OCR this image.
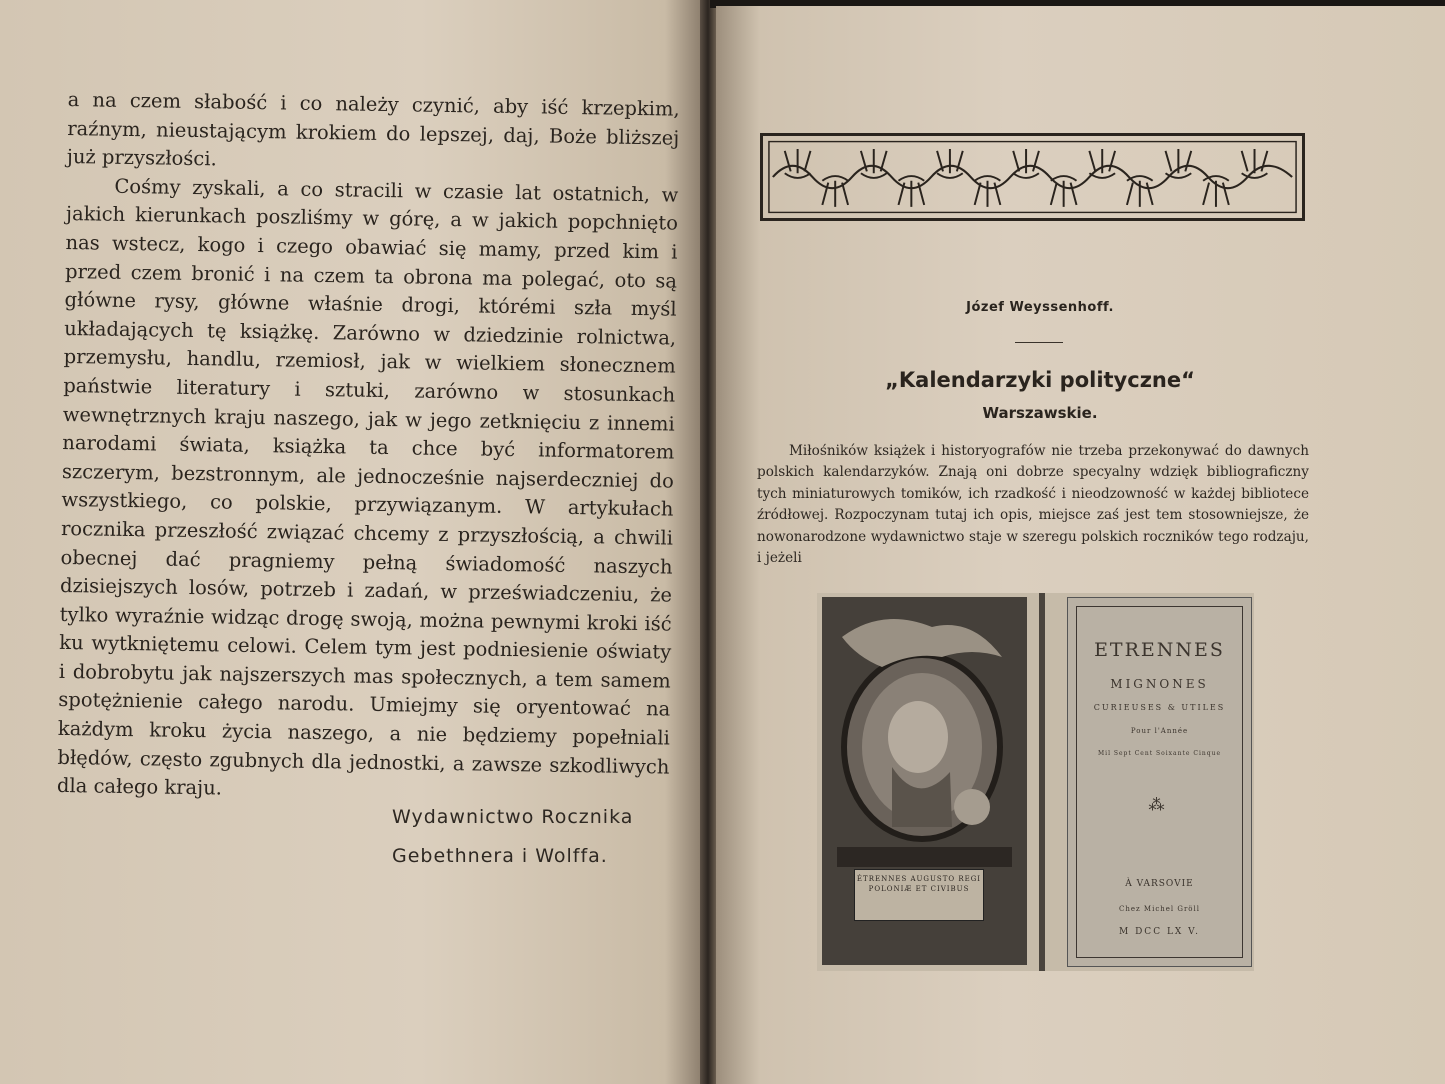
a na czem słabość i co należy czynić, aby iść krzepkim, raźnym, nieustającym krokiem do lepszej, daj, Boże bliższej już przyszłości.

Cośmy zyskali, a co stracili w czasie lat ostatnich, w jakich kierunkach poszliśmy w górę, a w jakich popchnięto nas wstecz, kogo i czego obawiać się mamy, przed kim i przed czem bronić i na czem ta obrona ma polegać, oto są główne rysy, główne właśnie drogi, którémi szła myśl układających tę książkę. Zarówno w dziedzinie rolnictwa, przemysłu, handlu, rzemiosł, jak w wielkiem słonecznem państwie literatury i sztuki, zarówno w stosunkach wewnętrznych kraju naszego, jak w jego zetknięciu z innemi narodami świata, książka ta chce być informatorem szczerym, bezstronnym, ale jednocześnie najserdeczniej do wszystkiego, co polskie, przywiązanym. W artykułach rocznika przeszłość związać chcemy z przyszłością, a chwili obecnej dać pragniemy pełną świadomość naszych dzisiejszych losów, potrzeb i zadań, w przeświadczeniu, że tylko wyraźnie widząc drogę swoją, można pewnymi kroki iść ku wytkniętemu celowi. Celem tym jest podniesienie oświaty i dobrobytu jak najszerszych mas społecznych, a tem samem spotężnienie całego narodu. Umiejmy się oryentować na każdym kroku życia naszego, a nie będziemy popełniali błędów, często zgubnych dla jednostki, a zawsze szkodliwych dla całego kraju.

Wydawnictwo Rocznika
Gebethnera i Wolffa.
Józef Weyssenhoff.
„Kalendarzyki polityczne“
Warszawskie.

Miłośników książek i historyografów nie trzeba przekonywać do dawnych polskich kalendarzyków. Znają oni dobrze specyalny wdzięk bibliograficzny tych miniaturowych tomików, ich rzadkość i nieodzowność w każdej bibliotece źródłowej. Rozpoczynam tutaj ich opis, miejsce zaś jest tem stosowniejsze, że nowonarodzone wydawnictwo staje w szeregu polskich roczników tego rodzaju, i jeżeli

ÉTRENNES AUGUSTO REGI POLONIÆ ET CIVIBUS
ETRENNES
MIGNONES
CURIEUSES & UTILES
Pour l'Année
Mil Sept Cent Soixante Cinque
⁂
À VARSOVIE
Chez Michel Gröll
M DCC LX V.
